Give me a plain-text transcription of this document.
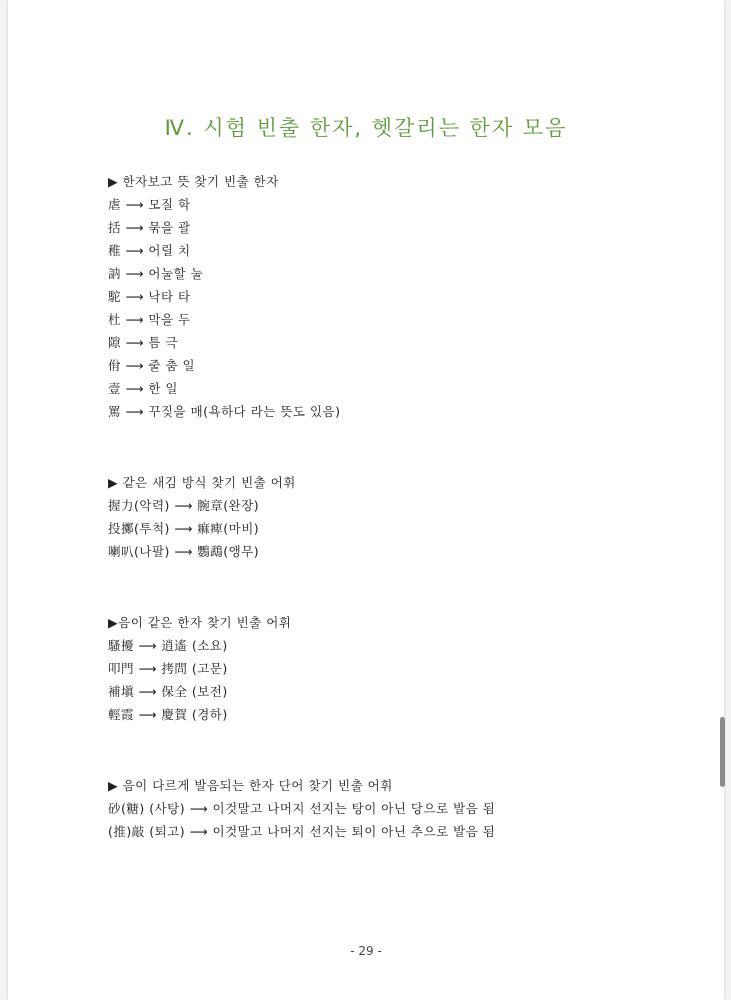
Ⅳ. 시험 빈출 한자, 헷갈리는 한자 모음
▶ 한자보고 뜻 찾기 빈출 한자
虐 ⟶ 모질 학
括 ⟶ 묶을 괄
稚 ⟶ 어릴 치
訥 ⟶ 어눌할 눌
駝 ⟶ 낙타 타
杜 ⟶ 막을 두
隙 ⟶ 틈 극
佾 ⟶ 줄 춤 일
壹 ⟶ 한 일
罵 ⟶ 꾸짖을 매(욕하다 라는 뜻도 있음)
▶ 같은 새김 방식 찾기 빈출 어휘
握力(악력) ⟶ 腕章(완장)
投擲(투척) ⟶ 痲痺(마비)
喇叭(나팔) ⟶ 鸚鵡(앵무)
▶음이 같은 한자 찾기 빈출 어휘
騷擾 ⟶ 逍遙 (소요)
叩門 ⟶ 拷問 (고문)
補塡 ⟶ 保全 (보전)
輕霞 ⟶ 慶賀 (경하)
▶ 음이 다르게 발음되는 한자 단어 찾기 빈출 어휘
砂(糖) (사탕) ⟶ 이것말고 나머지 선지는 탕이 아닌 당으로 발음 됨
(推)敲 (퇴고) ⟶ 이것말고 나머지 선지는 퇴이 아닌 추으로 발음 됨
- 29 -
